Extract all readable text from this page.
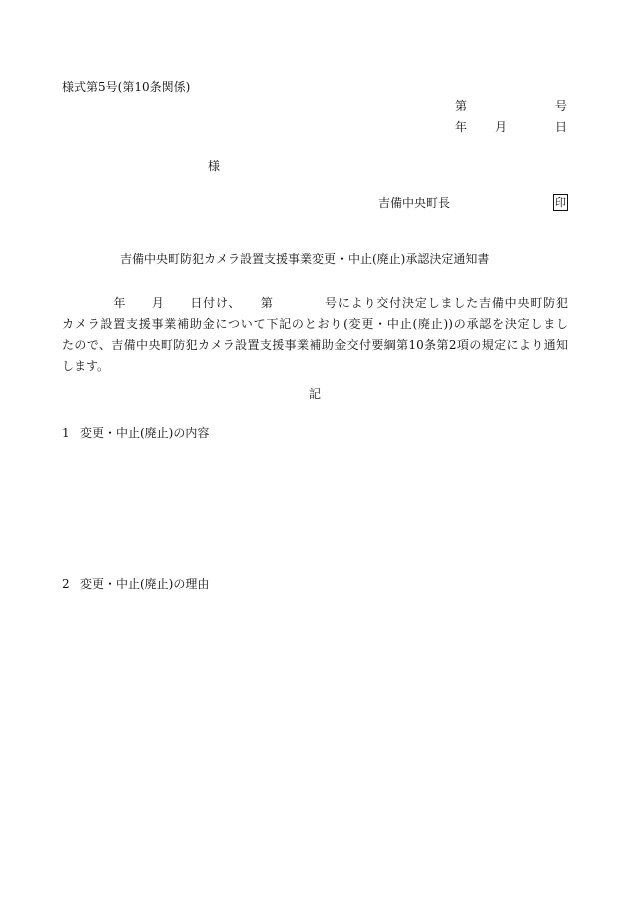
様式第5号(第10条関係)
第	号
年 月	日
様
吉備中央町長	印
吉備中央町防犯カメラ設置支援事業変更・中止(廃止)承認決定通知書
　　　　年　　月　　日付け、　　第　　　　号により交付決定しました吉備中央町防犯
カメラ設置支援事業補助金について下記のとおり(変更・中止(廃止))の承認を決定しまし
たので、吉備中央町防犯カメラ設置支援事業補助金交付要綱第10条第2項の規定により通知
します。
記
1 変更・中止(廃止)の内容
2 変更・中止(廃止)の理由
